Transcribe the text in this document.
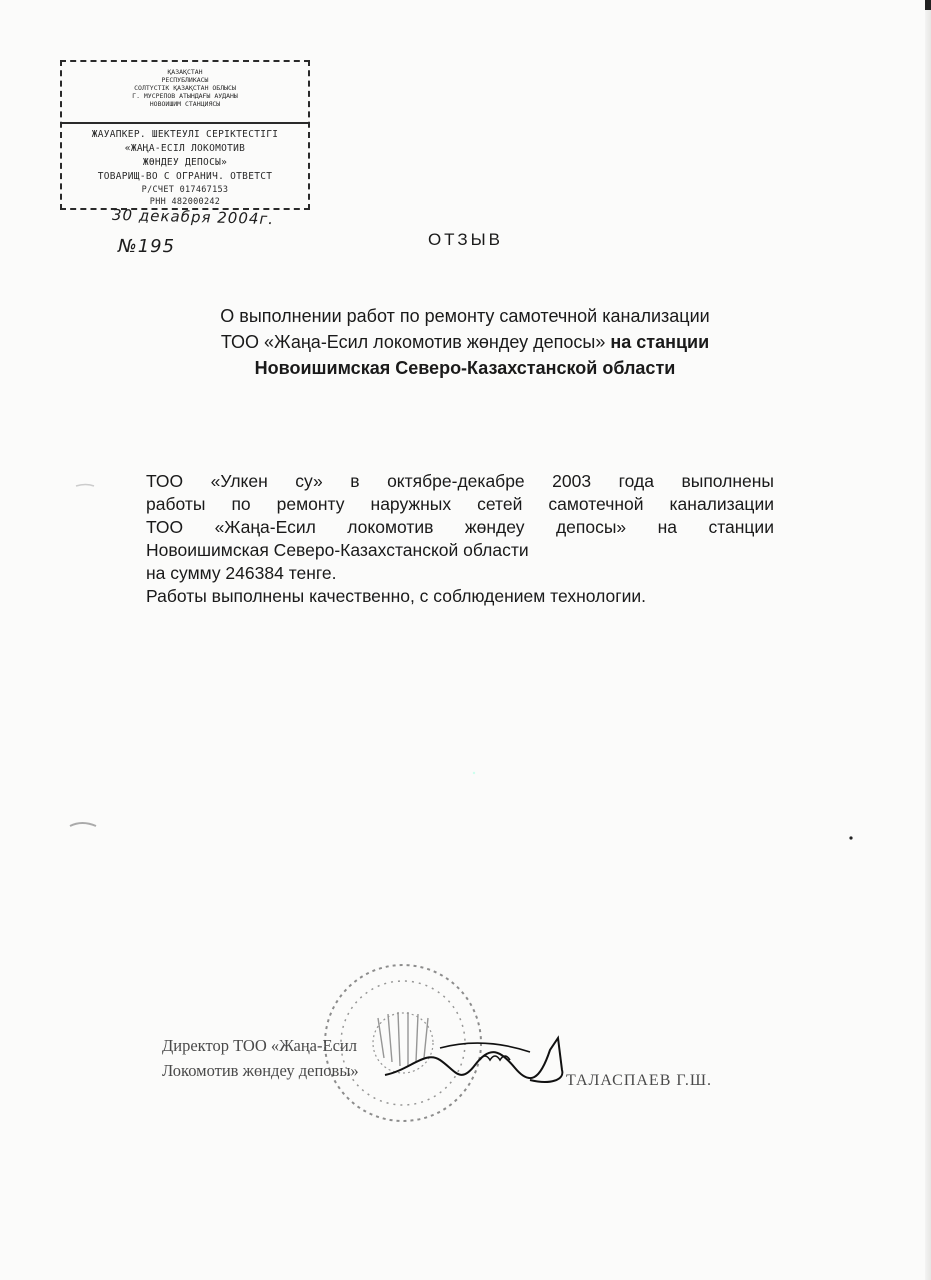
ҚАЗАҚСТАН
РЕСПУБЛИКАСЫ
СОЛТҮСТІК ҚАЗАҚСТАН ОБЛЫСЫ
Г. МУСРЕПОВ АТЫНДАҒЫ АУДАНЫ
НОВОИШИМ СТАНЦИЯСЫ
ЖАУАПКЕР. ШЕКТЕУЛІ СЕРІКТЕСТІГІ
«ЖАҢА-ЕСІЛ ЛОКОМОТИВ
ЖӨНДЕУ ДЕПОСЫ»
ТОВАРИЩ-ВО С ОГРАНИЧ. ОТВЕТСТ
Р/СЧЕТ 017467153
РНН 482000242
30 декабря 2004г.
№195	ОТЗЫВ
О выполнении работ по ремонту самотечной канализации
ТОО «Жаңа-Есил локомотив жөндеу депосы» на станции
Новоишимская Северо-Казахстанской области
ТОО «Улкен су» в октябре-декабре 2003 года выполнены
работы по ремонту наружных сетей самотечной канализации
ТОО «Жаңа-Есил локомотив жөндеу депосы» на станции
Новоишимская Северо-Казахстанской области
на сумму 246384 тенге.
Работы выполнены качественно, с соблюдением технологии.
Директор ТОО «Жаңа-Есил
Локомотив жөндеу деповы»
ТАЛАСПАЕВ Г.Ш.
